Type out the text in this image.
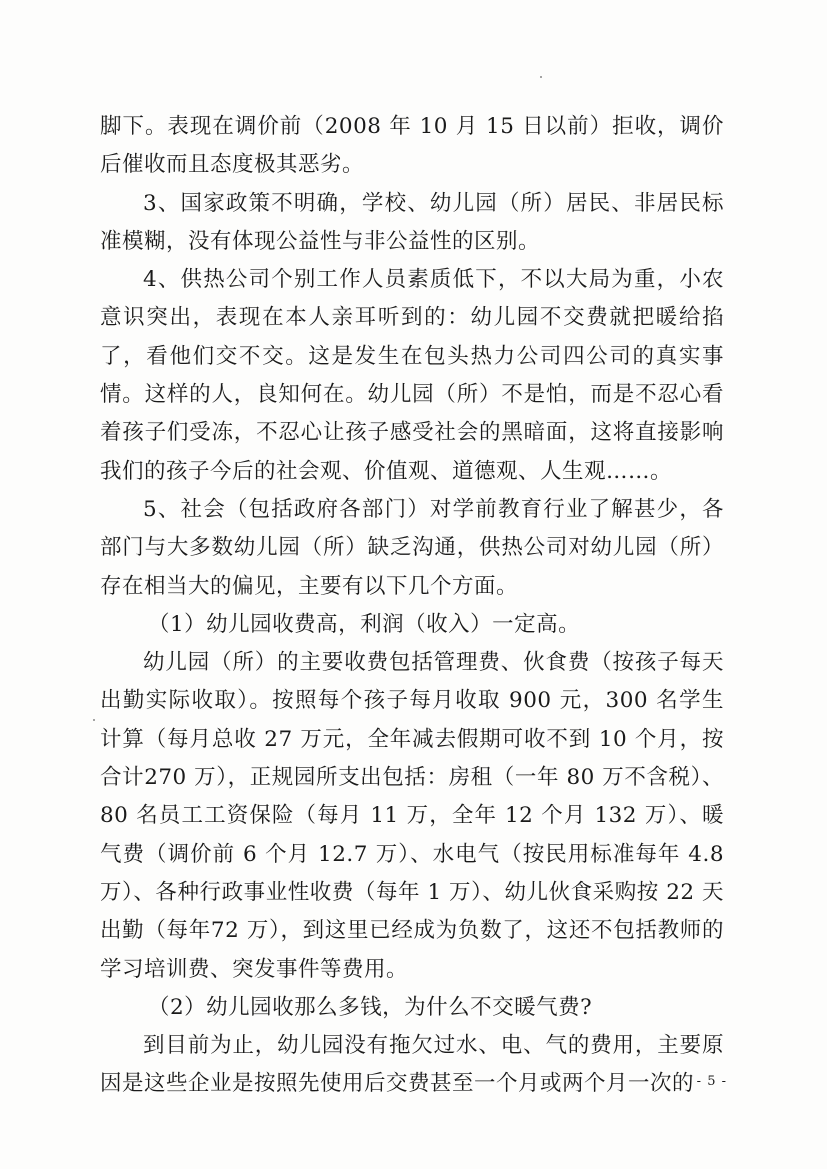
脚下。表现在调价前（2008 年 10 月 15 日以前）拒收，调价后催收而且态度极其恶劣。

3、国家政策不明确，学校、幼儿园（所）居民、非居民标准模糊，没有体现公益性与非公益性的区别。

4、供热公司个别工作人员素质低下，不以大局为重，小农意识突出，表现在本人亲耳听到的：幼儿园不交费就把暖给掐了，看他们交不交。这是发生在包头热力公司四公司的真实事情。这样的人，良知何在。幼儿园（所）不是怕，而是不忍心看着孩子们受冻，不忍心让孩子感受社会的黑暗面，这将直接影响我们的孩子今后的社会观、价值观、道德观、人生观……。

5、社会（包括政府各部门）对学前教育行业了解甚少，各部门与大多数幼儿园（所）缺乏沟通，供热公司对幼儿园（所）存在相当大的偏见，主要有以下几个方面。

（1）幼儿园收费高，利润（收入）一定高。

幼儿园（所）的主要收费包括管理费、伙食费（按孩子每天出勤实际收取）。按照每个孩子每月收取 900 元，300 名学生计算（每月总收 27 万元，全年减去假期可收不到 10 个月，按合计270 万），正规园所支出包括：房租（一年 80 万不含税）、80 名员工工资保险（每月 11 万，全年 12 个月 132 万）、暖气费（调价前 6 个月 12.7 万）、水电气（按民用标准每年 4.8 万）、各种行政事业性收费（每年 1 万）、幼儿伙食采购按 22 天出勤（每年72 万），到这里已经成为负数了，这还不包括教师的学习培训费、突发事件等费用。

（2）幼儿园收那么多钱，为什么不交暖气费?

到目前为止，幼儿园没有拖欠过水、电、气的费用，主要原因是这些企业是按照先使用后交费甚至一个月或两个月一次的 - 5 -
